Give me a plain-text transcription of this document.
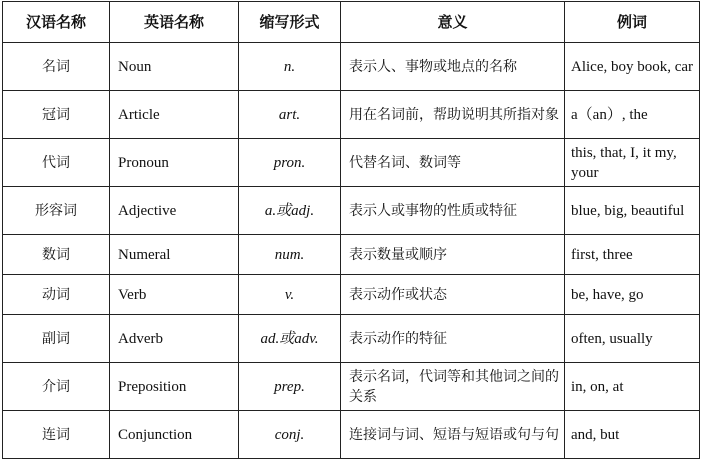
汉语名称	英语名称	缩写形式	意义	例词
名词	Noun	n.	表示人、事物或地点的名称	Alice, boy book, car
冠词	Article	art.	用在名词前，帮助说明其所指对象	a（an）, the
代词	Pronoun	pron.	代替名词、数词等	this, that, I, it my, your
形容词	Adjective	a.或adj.	表示人或事物的性质或特征	blue, big, beautiful
数词	Numeral	num.	表示数量或顺序	first, three
动词	Verb	v.	表示动作或状态	be, have, go
副词	Adverb	ad.或adv.	表示动作的特征	often, usually
介词	Preposition	prep.	表示名词，代词等和其他词之间的关系	in, on, at
连词	Conjunction	conj.	连接词与词、短语与短语或句与句	and, but
